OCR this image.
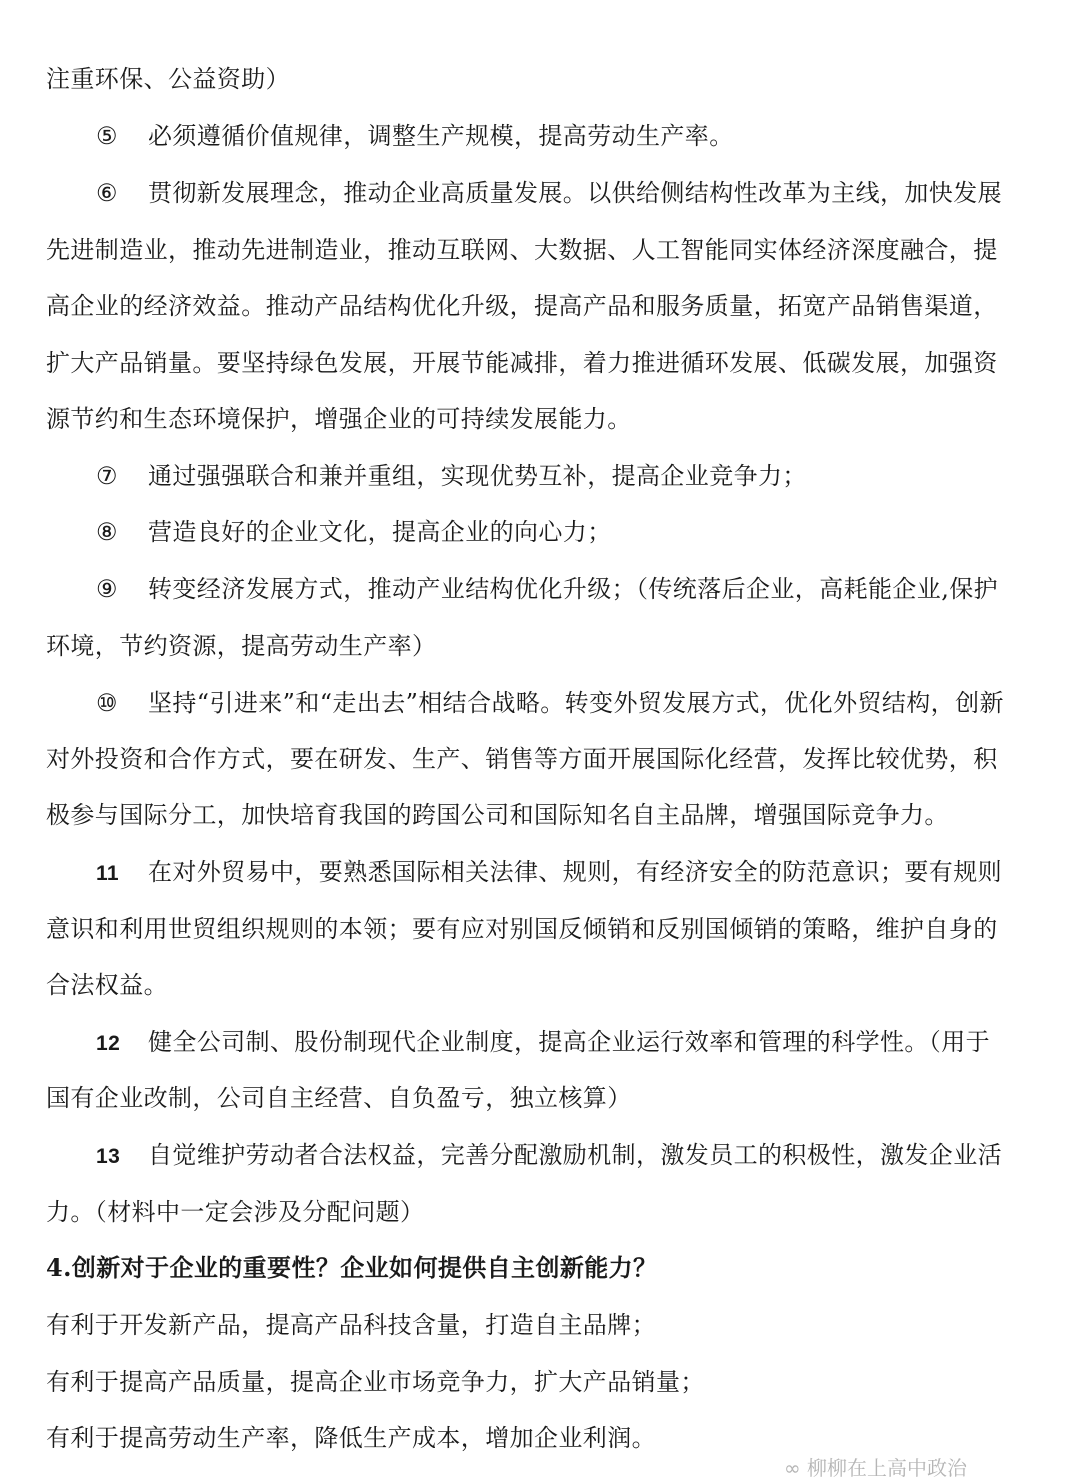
注重环保、公益资助）
⑤ 必须遵循价值规律，调整生产规模，提高劳动生产率。
⑥ 贯彻新发展理念，推动企业高质量发展。以供给侧结构性改革为主线，加快发展
先进制造业，推动先进制造业，推动互联网、大数据、人工智能同实体经济深度融合，提
高企业的经济效益。推动产品结构优化升级，提高产品和服务质量，拓宽产品销售渠道，
扩大产品销量。要坚持绿色发展，开展节能减排，着力推进循环发展、低碳发展，加强资
源节约和生态环境保护，增强企业的可持续发展能力。
⑦ 通过强强联合和兼并重组，实现优势互补，提高企业竞争力；
⑧ 营造良好的企业文化，提高企业的向心力；
⑨ 转变经济发展方式，推动产业结构优化升级；（传统落后企业，高耗能企业,保护
环境，节约资源，提高劳动生产率）
⑩ 坚持“引进来”和“走出去”相结合战略。转变外贸发展方式，优化外贸结构，创新
对外投资和合作方式，要在研发、生产、销售等方面开展国际化经营，发挥比较优势，积
极参与国际分工，加快培育我国的跨国公司和国际知名自主品牌，增强国际竞争力。
11 在对外贸易中，要熟悉国际相关法律、规则，有经济安全的防范意识；要有规则
意识和利用世贸组织规则的本领；要有应对别国反倾销和反别国倾销的策略，维护自身的
合法权益。
12 健全公司制、股份制现代企业制度，提高企业运行效率和管理的科学性。（用于
国有企业改制，公司自主经营、自负盈亏，独立核算）
13 自觉维护劳动者合法权益，完善分配激励机制，激发员工的积极性，激发企业活
力。（材料中一定会涉及分配问题）
4.创新对于企业的重要性？企业如何提供自主创新能力？
有利于开发新产品，提高产品科技含量，打造自主品牌；
有利于提高产品质量，提高企业市场竞争力，扩大产品销量；
有利于提高劳动生产率，降低生产成本，增加企业利润。
∞ 柳柳在上高中政治
